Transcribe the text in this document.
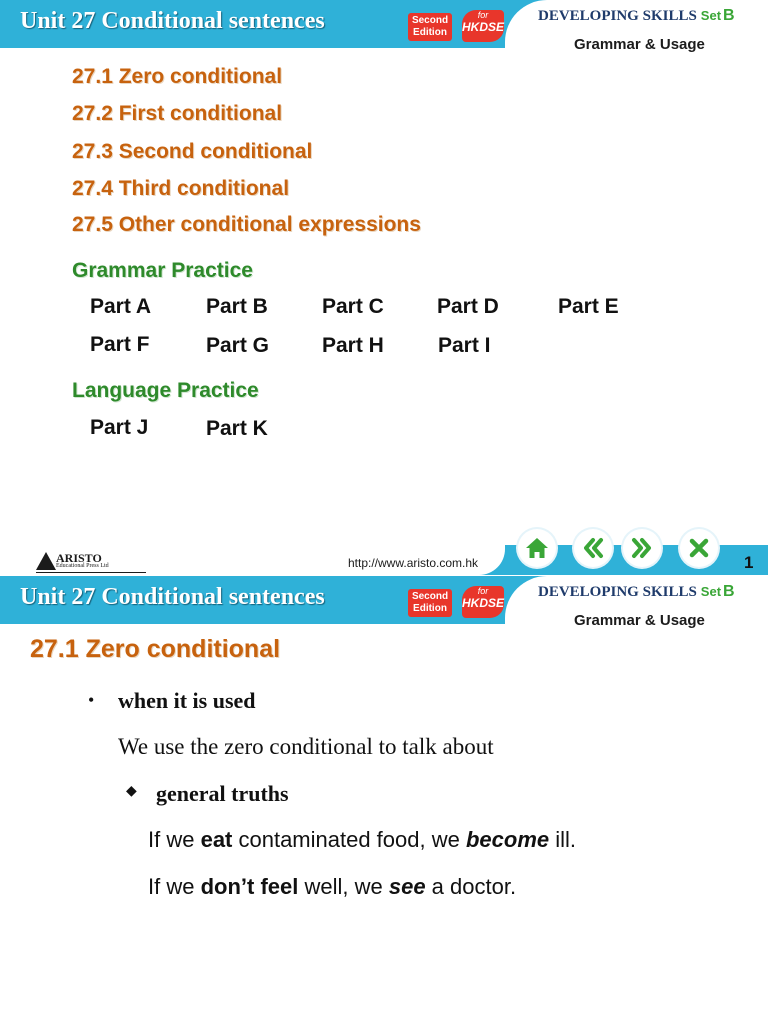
Unit 27 Conditional sentences	Second
Edition
for
HKDSE
DEVELOPING SKILLS Set B
Grammar & Usage
27.1 Zero conditional
27.2 First conditional
27.3 Second conditional
27.4 Third conditional
27.5 Other conditional expressions
Grammar Practice
Part A	Part B	Part C	Part D	Part E
Part F	Part G	Part H	Part I
Language Practice
Part J	Part K
ARISTO
Educational Press Ltd	http://www.aristo.com.hk	1
Unit 27 Conditional sentences	Second
Edition
for
HKDSE
DEVELOPING SKILLS Set B
Grammar & Usage
27.1 Zero conditional
• when it is used
We use the zero conditional to talk about
◆ general truths
If we eat contaminated food, we become ill.
If we don’t feel well, we see a doctor.
